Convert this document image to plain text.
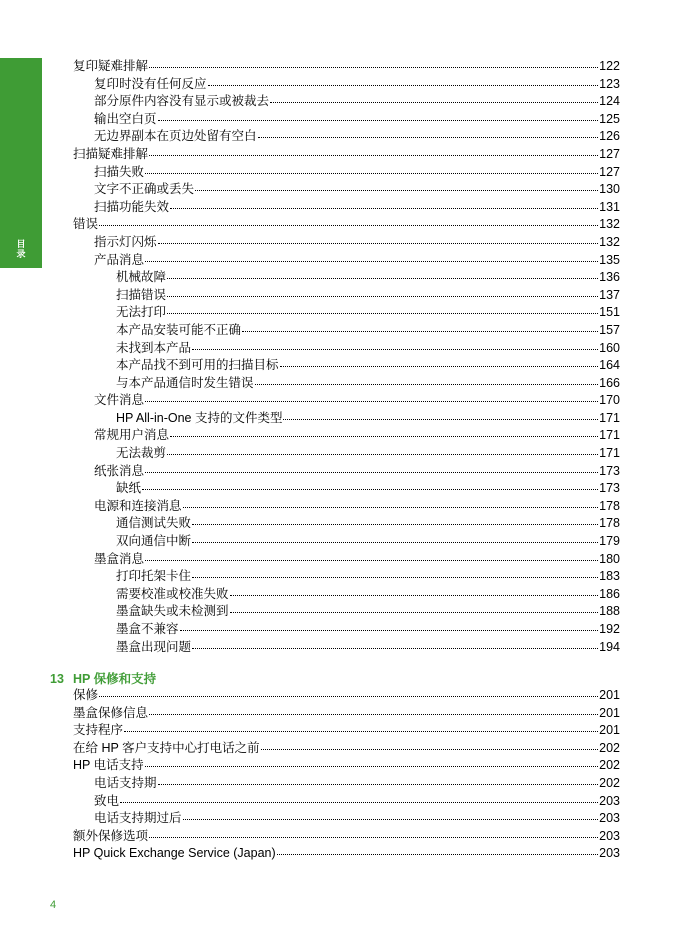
目录
复印疑难排解	122
复印时没有任何反应	123
部分原件内容没有显示或被裁去	124
输出空白页	125
无边界副本在页边处留有空白	126
扫描疑难排解	127
扫描失败	127
文字不正确或丢失	130
扫描功能失效	131
错误	132
指示灯闪烁	132
产品消息	135
机械故障	136
扫描错误	137
无法打印	151
本产品安装可能不正确	157
未找到本产品	160
本产品找不到可用的扫描目标	164
与本产品通信时发生错误	166
文件消息	170
HP All-in-One 支持的文件类型	171
常规用户消息	171
无法裁剪	171
纸张消息	173
缺纸	173
电源和连接消息	178
通信测试失败	178
双向通信中断	179
墨盒消息	180
打印托架卡住	183
需要校准或校准失败	186
墨盒缺失或未检测到	188
墨盒不兼容	192
墨盒出现问题	194
13 HP 保修和支持
保修	201
墨盒保修信息	201
支持程序	201
在给 HP 客户支持中心打电话之前	202
HP 电话支持	202
电话支持期	202
致电	203
电话支持期过后	203
额外保修选项	203
HP Quick Exchange Service (Japan)	203
4
